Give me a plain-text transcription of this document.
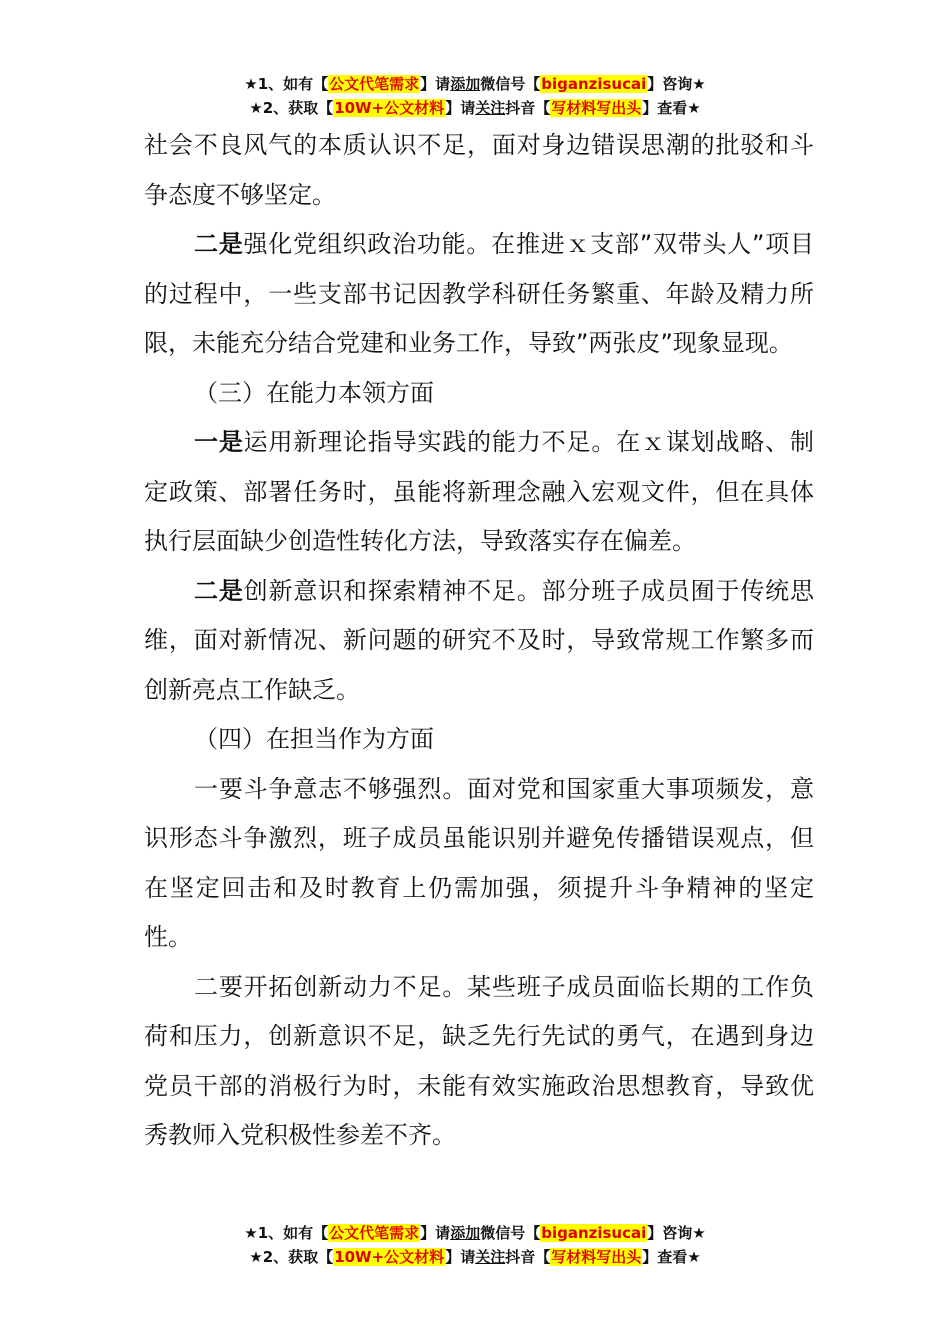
★1、如有【公文代笔需求】请添加微信号【biganzisucai】咨询★
★2、获取【10W+公文材料】请关注抖音【写材料写出头】查看★

社会不良风气的本质认识不足，面对身边错误思潮的批驳和斗争态度不够坚定。

二是强化党组织政治功能。在推进ｘ支部”双带头人”项目的过程中，一些支部书记因教学科研任务繁重、年龄及精力所限，未能充分结合党建和业务工作，导致”两张皮”现象显现。

（三）在能力本领方面

一是运用新理论指导实践的能力不足。在ｘ谋划战略、制定政策、部署任务时，虽能将新理念融入宏观文件，但在具体执行层面缺少创造性转化方法，导致落实存在偏差。

二是创新意识和探索精神不足。部分班子成员囿于传统思维，面对新情况、新问题的研究不及时，导致常规工作繁多而创新亮点工作缺乏。

（四）在担当作为方面

一要斗争意志不够强烈。面对党和国家重大事项频发，意识形态斗争激烈，班子成员虽能识别并避免传播错误观点，但在坚定回击和及时教育上仍需加强，须提升斗争精神的坚定性。

二要开拓创新动力不足。某些班子成员面临长期的工作负荷和压力，创新意识不足，缺乏先行先试的勇气，在遇到身边党员干部的消极行为时，未能有效实施政治思想教育，导致优秀教师入党积极性参差不齐。

★1、如有【公文代笔需求】请添加微信号【biganzisucai】咨询★
★2、获取【10W+公文材料】请关注抖音【写材料写出头】查看★
